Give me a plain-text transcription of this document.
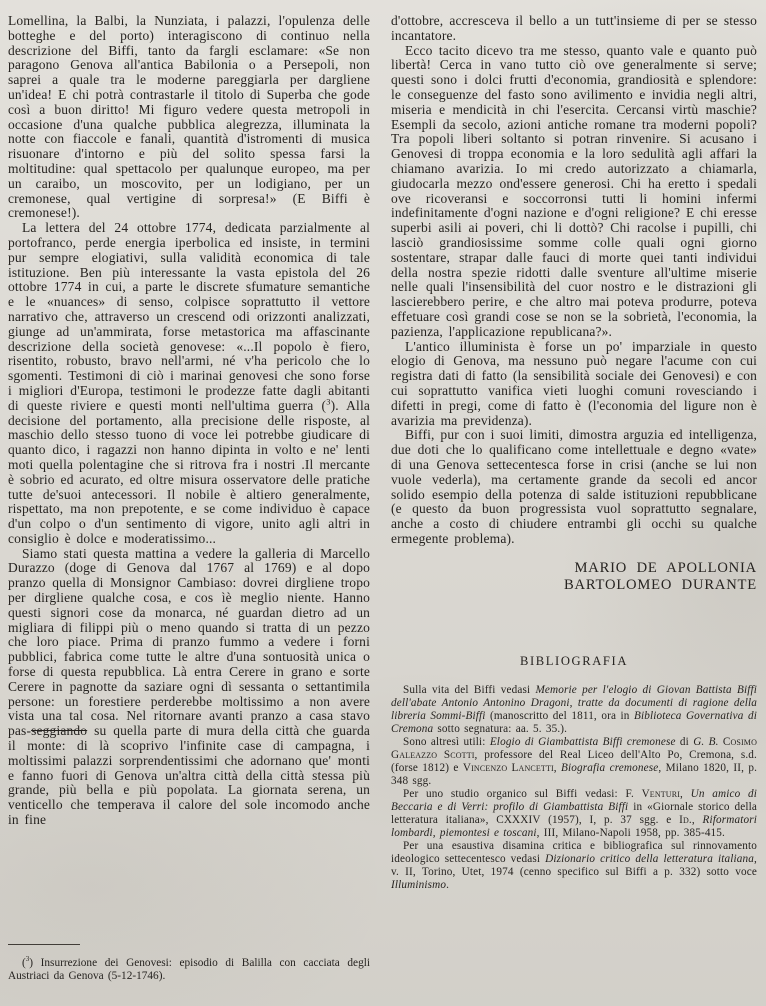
Lomellina, la Balbi, la Nunziata, i palazzi, l'opulenza delle botteghe e del porto) interagiscono di continuo nella descrizione del Biffi, tanto da fargli esclamare: «Se non paragono Genova all'antica Babilonia o a Persepoli, non saprei a quale tra le moderne pareggiarla per dargliene un'idea! E chi potrà contrastarle il titolo di Superba che gode così a buon diritto! Mi figuro vedere questa metropoli in occasione d'una qualche pubblica alegrezza, illuminata la notte con fiaccole e fanali, quantità d'istromenti di musica risuonare d'intorno e più del solito spessa farsi la moltitudine: qual spettacolo per qualunque europeo, ma per un caraibo, un moscovito, per un lodigiano, per un cremonese, qual vertigine di sorpresa!» (E Biffi è cremonese!).

La lettera del 24 ottobre 1774, dedicata parzialmente al portofranco, perde energia iperbolica ed insiste, in termini pur sempre elogiativi, sulla validità economica di tale istituzione. Ben più interessante la vasta epistola del 26 ottobre 1774 in cui, a parte le discrete sfumature semantiche e le «nuances» di senso, colpisce soprattutto il vettore narrativo che, attraverso un crescend odi orizzonti analizzati, giunge ad un'ammirata, forse metastorica ma affascinante descrizione della società genovese: «...Il popolo è fiero, risentito, robusto, bravo nell'armi, né v'ha pericolo che lo sgomenti. Testimoni di ciò i marinai genovesi che sono forse i migliori d'Europa, testimoni le prodezze fatte dagli abitanti di queste riviere e questi monti nell'ultima guerra ($^3$). Alla decisione del portamento, alla precisione delle risposte, al maschio dello stesso tuono di voce lei potrebbe giudicare di quanto dico, i ragazzi non hanno dipinta in volto e ne' lenti moti quella polentagine che si ritrova fra i nostri .Il mercante è sobrio ed acurato, ed oltre misura osservatore delle pratiche tutte de'suoi antecessori. Il nobile è altiero generalmente, rispettato, ma non prepotente, e se come individuo è capace d'un colpo o d'un sentimento di vigore, unito agli altri in consiglio è dolce e moderatissimo...

Siamo stati questa mattina a vedere la galleria di Marcello Durazzo (doge di Genova dal 1767 al 1769) e al dopo pranzo quella di Monsignor Cambiaso: dovrei dirgliene tropo per dirgliene qualche cosa, e cos ìè meglio niente. Hanno questi signori cose da monarca, né guardan dietro ad un migliara di filippi più o meno quando si tratta di un pezzo che loro piace. Prima di pranzo fummo a vedere i forni pubblici, fabrica come tutte le altre d'una sontuosità unica o forse di questa repubblica. Là entra Cerere in grano e sorte Cerere in pagnotte da saziare ogni dì sessanta o settantimila persone: un forestiere perderebbe moltissimo a non avere vista una tal cosa. Nel ritornare avanti pranzo a casa stavo pas-seggiando su quella parte di mura della città che guarda il monte: di là scoprivo l'infinite case di campagna, i moltissimi palazzi sorprendentissimi che adornano que' monti e fanno fuori di Genova un'altra città della città stessa più grande, più bella e più popolata. La giornata serena, un venticello che temperava il calore del sole incomodo anche in fine

($^3$) Insurrezione dei Genovesi: episodio di Balilla con cacciata degli Austriaci da Genova (5-12-1746).

d'ottobre, accresceva il bello a un tutt'insieme di per se stesso incantatore.

Ecco tacito dicevo tra me stesso, quanto vale e quanto può libertà! Cerca in vano tutto ciò ove generalmente si serve; questi sono i dolci frutti d'economia, grandiosità e splendore: le conseguenze del fasto sono avilimento e invidia negli altri, miseria e mendicità in chi l'esercita. Cercansi virtù maschie? Esempli da secolo, azioni antiche romane tra moderni popoli? Tra popoli liberi soltanto si potran rinvenire. Si acusano i Genovesi di troppa economia e la loro sedulità agli affari la chiamano avarizia. Io mi credo autorizzato a chiamarla, giudocarla mezzo ond'essere generosi. Chi ha eretto i spedali ove ricoveransi e soccorronsi tutti li homini infermi indefinitamente d'ogni nazione e d'ogni religione? E chi eresse superbi asili ai poveri, chi li dottò? Chi racolse i pupilli, chi lasciò grandiosissime somme colle quali ogni giorno sostentare, strapar dalle fauci di morte quei tanti individui della nostra spezie ridotti dalle sventure all'ultime miserie nelle quali l'insensibilità del cuor nostro e le distrazioni gli lascierebbero perire, e che altro mai poteva produrre, poteva effetuare così grandi cose se non se la sobrietà, l'economia, la pazienza, l'applicazione republicana?».

L'antico illuminista è forse un po' imparziale in questo elogio di Genova, ma nessuno può negare l'acume con cui registra dati di fatto (la sensibilità sociale dei Genovesi) e con cui soprattutto vanifica vieti luoghi comuni rovesciando i difetti in pregi, come di fatto è (l'economia del ligure non è avarizia ma previdenza).

Biffi, pur con i suoi limiti, dimostra arguzia ed intelligenza, due doti che lo qualificano come intellettuale e degno «vate» di una Genova settecentesca forse in crisi (anche se lui non vuole vederla), ma certamente grande da secoli ed ancor solido esempio della potenza di salde istituzioni repubblicane (e questo da buon progressista vuol soprattutto segnalare, anche a costo di chiudere entrambi gli occhi su qualche ermegente problema).

MARIO DE APOLLONIA
BARTOLOMEO DURANTE
BIBLIOGRAFIA

Sulla vita del Biffi vedasi Memorie per l'elogio di Giovan Battista Biffi dell'abate Antonio Antonino Dragoni, tratte da documenti di ragione della libreria Sommi-Biffi (manoscritto del 1811, ora in Biblioteca Governativa di Cremona sotto segnatura: aa. 5. 35.).

Sono altresì utili: Elogio di Giambattista Biffi cremonese di G. B. Cosimo Galeazzo Scotti, professore del Real Liceo dell'Alto Po, Cremona, s.d. (forse 1812) e Vincenzo Lancetti, Biografia cremonese, Milano 1820, II, p. 348 sgg.

Per uno studio organico sul Biffi vedasi: F. Venturi, Un amico di Beccaria e di Verri: profilo di Giambattista Biffi in «Giornale storico della letteratura italiana», CXXXIV (1957), I, p. 37 sgg. e Id., Riformatori lombardi, piemontesi e toscani, III, Milano-Napoli 1958, pp. 385-415.

Per una esaustiva disamina critica e bibliografica sul rinnovamento ideologico settecentesco vedasi Dizionario critico della letteratura italiana, v. II, Torino, Utet, 1974 (cenno specifico sul Biffi a p. 332) sotto voce Illuminismo.
